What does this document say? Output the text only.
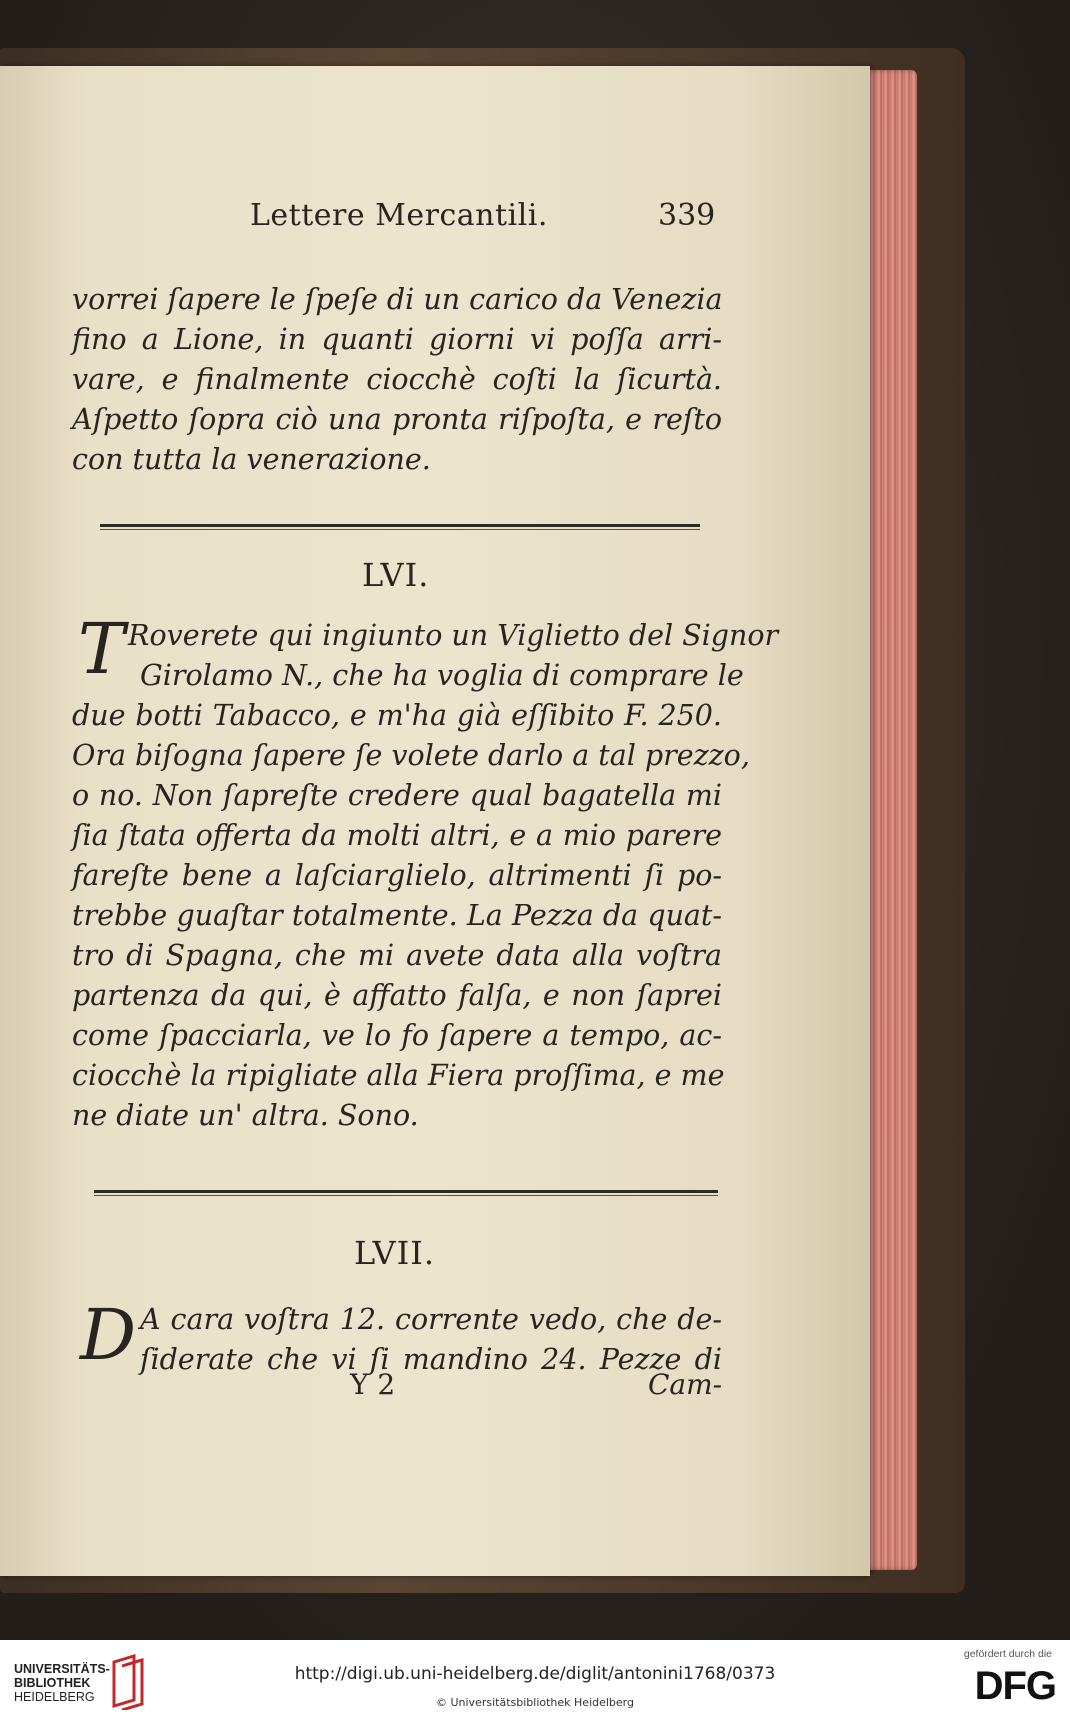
Lettere Mercantili.	339
vorrei ſapere le ſpeſe di un carico da Venezia
fino a Lione, in quanti giorni vi poſſa arri-
vare, e finalmente ciocchè coſti la ſicurtà.
Aſpetto ſopra ciò una pronta riſpoſta, e reſto
con tutta la venerazione.
LVI.
T Roverete qui ingiunto un Viglietto del Signor
Girolamo N., che ha voglia di comprare le
due botti Tabacco, e m'ha già eſſibito F. 250.
Ora biſogna ſapere ſe volete darlo a tal prezzo,
o no. Non ſapreſte credere qual bagatella mi
ſia ſtata offerta da molti altri, e a mio parere
fareſte bene a laſciarglielo, altrimenti ſi po-
trebbe guaſtar totalmente. La Pezza da quat-
tro di Spagna, che mi avete data alla voſtra
partenza da qui, è affatto falſa, e non ſaprei
come ſpacciarla, ve lo fo ſapere a tempo, ac-
ciocchè la ripigliate alla Fiera proſſima, e me
ne diate un' altra. Sono.
LVII.
D A cara voſtra 12. corrente vedo, che de-
ſiderate che vi ſi mandino 24. Pezze di
Y 2	Cam-
UNIVERSITÄTS-
BIBLIOTHEK
HEIDELBERG
http://digi.ub.uni-heidelberg.de/diglit/antonini1768/0373
© Universitätsbibliothek Heidelberg
gefördert durch die
DFG
